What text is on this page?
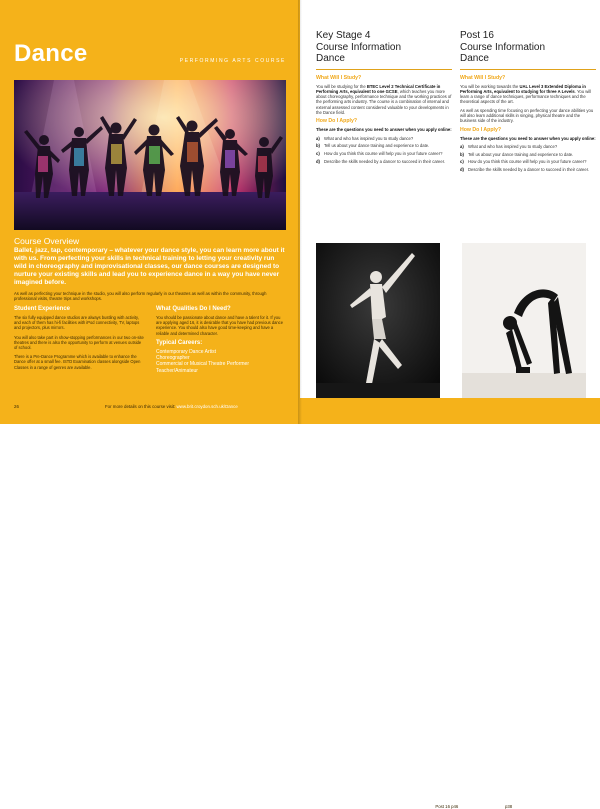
Dance	PERFORMING ARTS COURSE
Course Overview
Ballet, jazz, tap, contemporary – whatever your dance style, you can learn more about it with us. From perfecting your skills in technical training to letting your creativity run wild in choreography and improvisational classes, our dance courses are designed to nurture your existing skills and lead you to experience dance in a way you have never imagined before.
As well as perfecting your technique in the studio, you will also perform regularly in our theatres as well as within the community, through professional visits, theatre trips and workshops.
Student Experience
The six fully equipped dance studios are always bustling with activity, and each of them has hi-fi facilities with iPod connectivity, TV, laptops and projectors, plus mirrors.
You will also take part in show-stopping performances in our two on-site theatres and there is also the opportunity to perform at venues outside of school.
There is a Pre-Dance Programme which is available to enhance the Dance offer at a small fee. ISTD Examination classes alongside Open Classes in a range of genres are available.
What Qualities Do I Need?
You should be passionate about dance and have a talent for it. If you are applying aged 16, it is desirable that you have had previous dance experience. You should also have good time-keeping and have a reliable and determined character.
Typical Careers:
Contemporary Dance Artist
Choreographer
Commercial or Musical Theatre Performer
Teacher/Animateur
26	For more details on this course visit: www.brit.croydon.sch.uk/Dance
Key Stage 4
Course Information
Dance
What Will I Study?
You will be studying for the BTEC Level 2 Technical Certificate in Performing Arts, equivalent to one GCSE, which teaches you more about choreography, performance technique and the working practices of the performing arts industry. The course is a combination of internal and external assessed content considered valuable to your developments in the Dance field.
How Do I Apply?
These are the questions you need to answer when you apply online:
a)	What and who has inspired you to study dance?
b) Tell us about your dance training and experience to date.
c)	How do you think this course will help you in your future career?
d) Describe the skills needed by a dancer to succeed in their career.
Post 16
Course Information
Dance
What Will I Study?
You will be working towards the UAL Level 3 Extended Diploma in Performing Arts, equivalent to studying for three A Levels. You will learn a range of dance techniques, performance techniques and the theoretical aspects of the art.
As well as spending time focusing on perfecting your dance abilities you will also learn additional skills in singing, physical theatre and the business side of the industry.
How Do I Apply?
These are the questions you need to answer when you apply online:
a)	What and who has inspired you to study dance?
b) Tell us about your dance training and experience to date.
c)	How do you think this course will help you in your future career?
d) Describe the skills needed by a dancer to succeed in their career.
You May Also Like: Community Arts Practice Post 16 p46 | Musical Theatre p38
